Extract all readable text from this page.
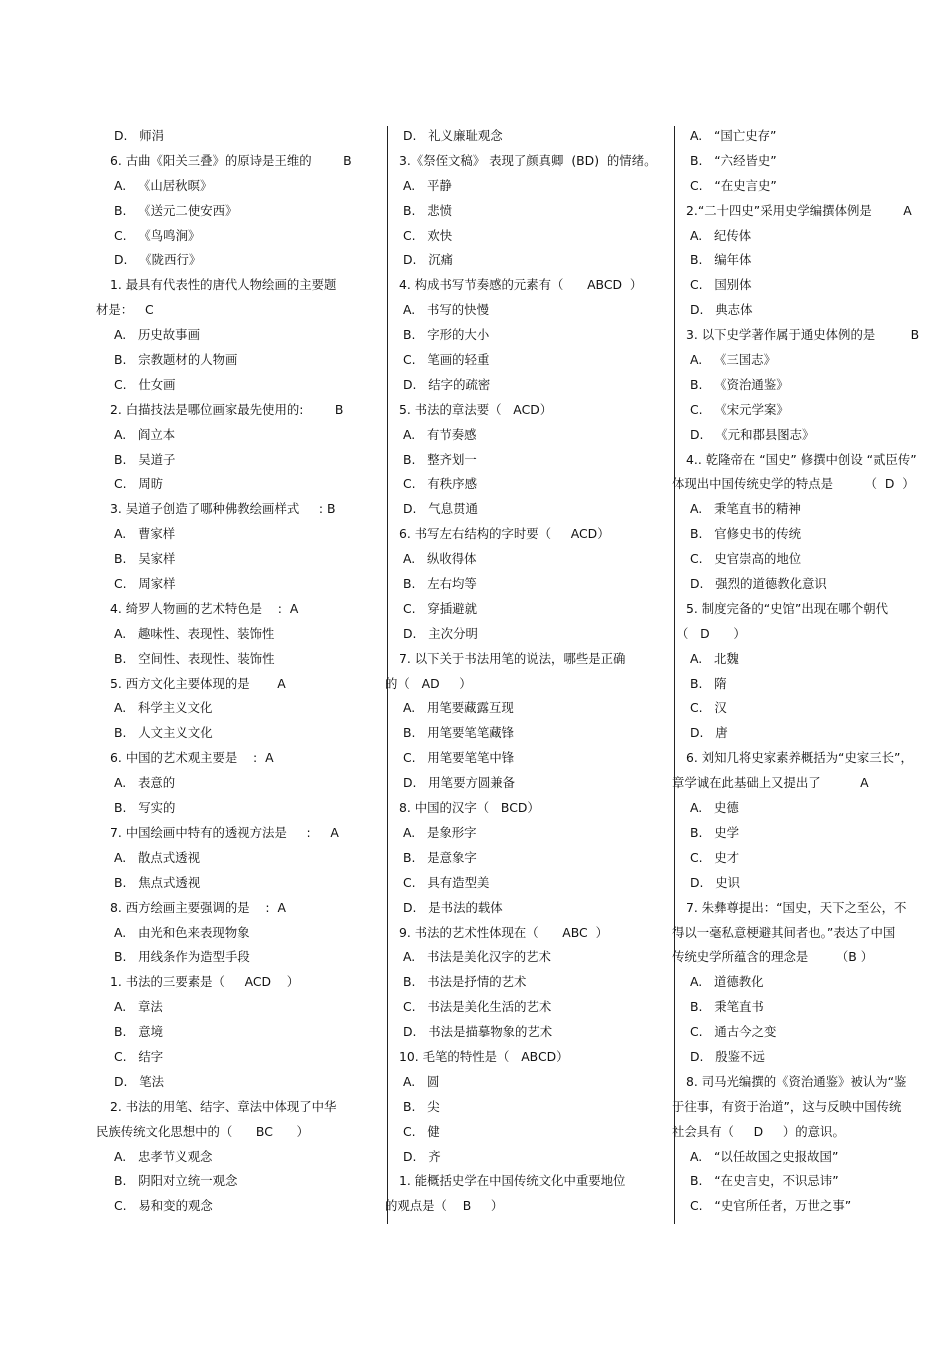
D.   师涓
6. 古曲《阳关三叠》的原诗是王维的        B
A.   《山居秋暝》
B.   《送元二使安西》
C.   《鸟鸣涧》
D.   《陇西行》
1. 最具有代表性的唐代人物绘画的主要题
材是：   C
A.   历史故事画
B.   宗教题材的人物画
C.   仕女画
2. 白描技法是哪位画家最先使用的:        B
A.   阎立本
B.   吴道子
C.   周昉
3. 吴道子创造了哪种佛教绘画样式     : B
A.   曹家样
B.   吴家样
C.   周家样
4. 绮罗人物画的艺术特色是    :  A
A.   趣味性、表现性、装饰性
B.   空间性、表现性、装饰性
5. 西方文化主要体现的是       A
A.   科学主义文化
B.   人文主义文化
6. 中国的艺术观主要是    :  A
A.   表意的
B.   写实的
7. 中国绘画中特有的透视方法是     :     A
A.   散点式透视
B.   焦点式透视
8. 西方绘画主要强调的是    :  A
A.   由光和色来表现物象
B.   用线条作为造型手段
1. 书法的三要素是（     ACD    ）
A.   章法
B.   意境
C.   结字
D.   笔法
2. 书法的用笔、结字、章法中体现了中华
民族传统文化思想中的（      BC      ）
A.   忠孝节义观念
B.   阴阳对立统一观念
C.   易和变的观念
D.   礼义廉耻观念
3.《祭侄文稿》 表现了颜真卿  (BD)  的情绪。
A.   平静
B.   悲愤
C.   欢快
D.   沉痛
4. 构成书写节奏感的元素有（      ABCD  ）
A.   书写的快慢
B.   字形的大小
C.   笔画的轻重
D.   结字的疏密
5. 书法的章法要（   ACD）
A.   有节奏感
B.   整齐划一
C.   有秩序感
D.   气息贯通
6. 书写左右结构的字时要（     ACD）
A.   纵收得体
B.   左右均等
C.   穿插避就
D.   主次分明
7. 以下关于书法用笔的说法，哪些是正确
的（   AD     ）
A.   用笔要藏露互现
B.   用笔要笔笔藏锋
C.   用笔要笔笔中锋
D.   用笔要方圆兼备
8. 中国的汉字（   BCD）
A.   是象形字
B.   是意象字
C.   具有造型美
D.   是书法的载体
9. 书法的艺术性体现在（      ABC  ）
A.   书法是美化汉字的艺术
B.   书法是抒情的艺术
C.   书法是美化生活的艺术
D.   书法是描摹物象的艺术
10. 毛笔的特性是（   ABCD）
A.   圆
B.   尖
C.   健
D.   齐
1. 能概括史学在中国传统文化中重要地位
的观点是（    B     ）
A.   “国亡史存”
B.   “六经皆史”
C.   “在史言史”
2.“二十四史”采用史学编撰体例是        A
A.   纪传体
B.   编年体
C.   国别体
D.   典志体
3. 以下史学著作属于通史体例的是         B
A.   《三国志》
B.   《资治通鉴》
C.   《宋元学案》
D.   《元和郡县图志》
4.. 乾隆帝在 “国史” 修撰中创设 “贰臣传”
体现出中国传统史学的特点是        （  D  ）
A.   秉笔直书的精神
B.   官修史书的传统
C.   史官崇高的地位
D.   强烈的道德教化意识
5. 制度完备的“史馆”出现在哪个朝代
（   D      ）
A.   北魏
B.   隋
C.   汉
D.   唐
6. 刘知几将史家素养概括为“史家三长”，
章学诚在此基础上又提出了          A
A.   史德
B.   史学
C.   史才
D.   史识
7. 朱彝尊提出：“国史，天下之至公，不
得以一毫私意梗避其间者也。”表达了中国
传统史学所蕴含的理念是       （B ）
A.   道德教化
B.   秉笔直书
C.   通古今之变
D.   殷鉴不远
8. 司马光编撰的《资治通鉴》被认为“鉴
于往事，有资于治道”，这与反映中国传统
社会具有（     D     ）的意识。
A.   “以任故国之史报故国”
B.   “在史言史，不识忌讳”
C.   “史官所任者，万世之事”
